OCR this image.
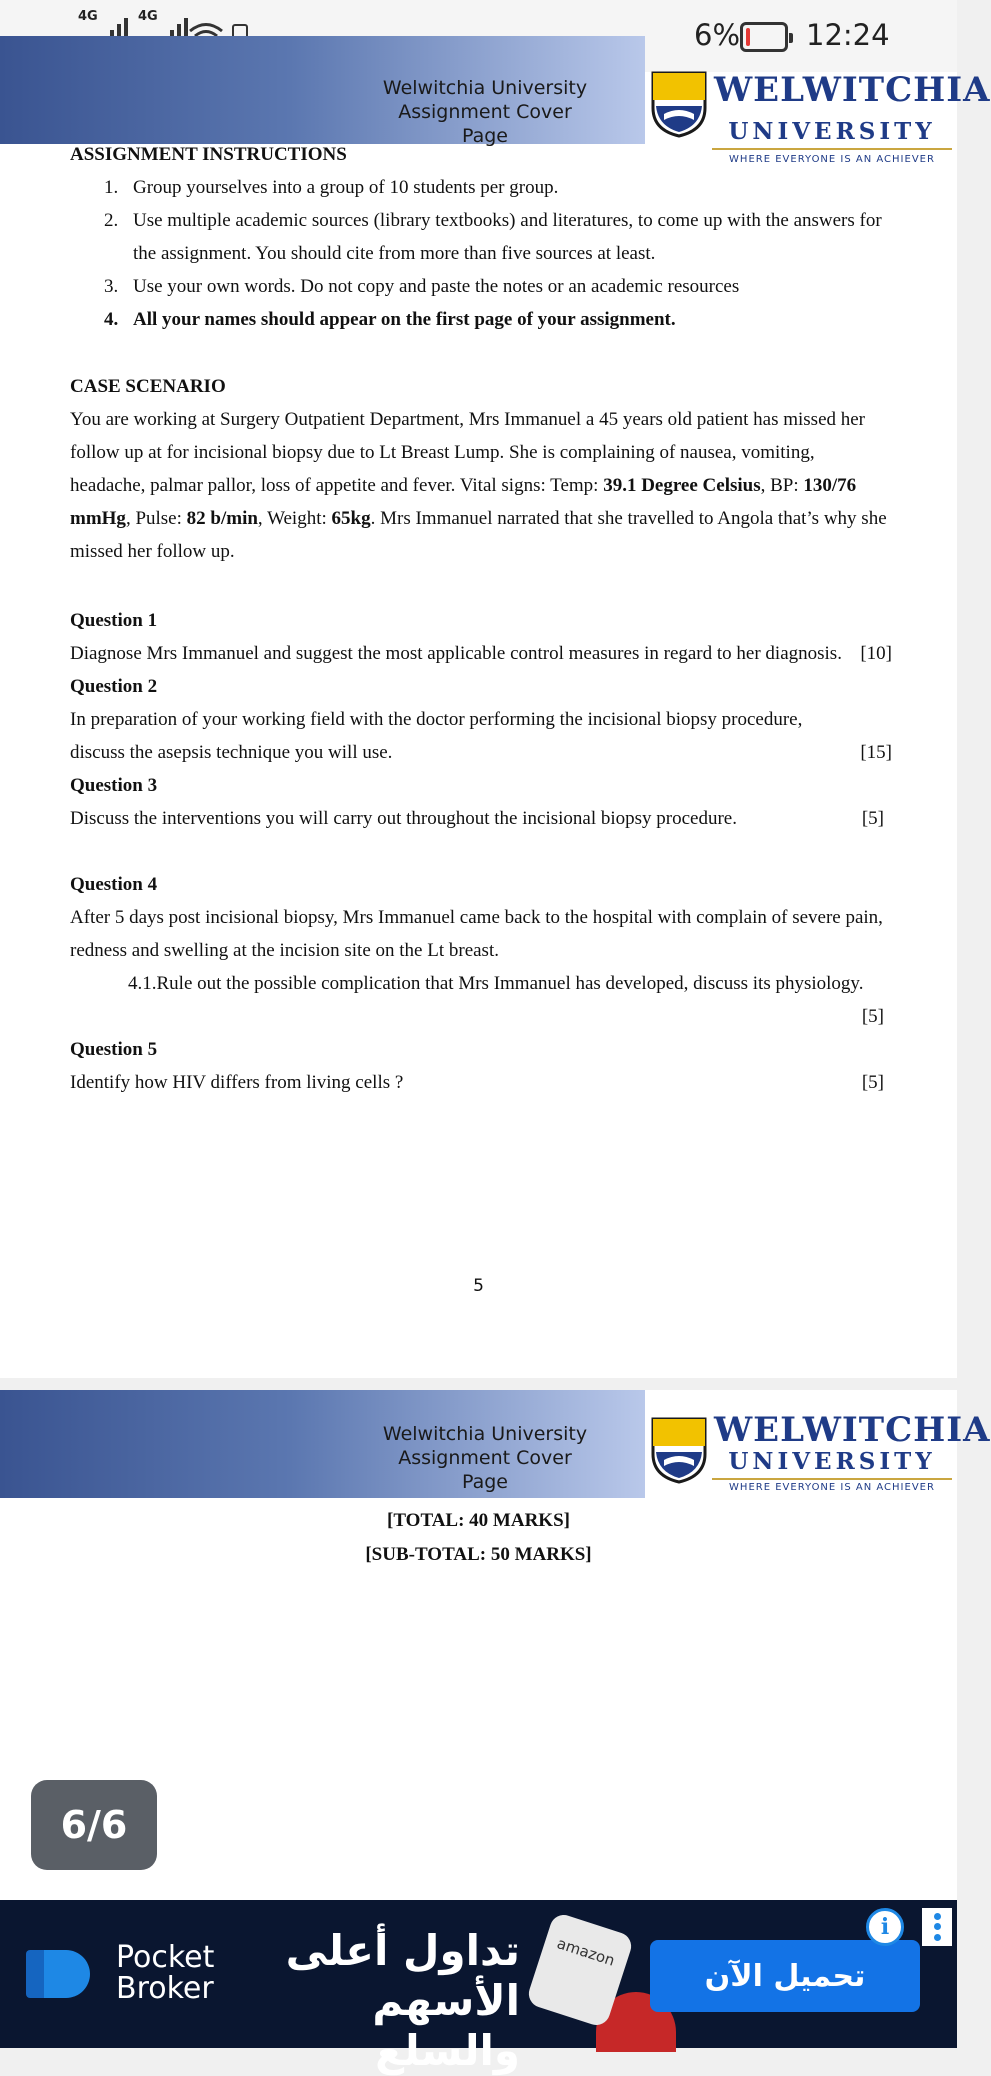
4G	4G
6% 12:24
Welwitchia University
Assignment Cover Page
WELWITCHIA
UNIVERSITY
WHERE EVERYONE IS AN ACHIEVER
ASSIGNMENT INSTRUCTIONS
1. Group yourselves into a group of 10 students per group.
2. Use multiple academic sources (library textbooks) and literatures, to come up with the answers for the assignment. You should cite from more than five sources at least.
3. Use your own words. Do not copy and paste the notes or an academic resources
4. All your names should appear on the first page of your assignment.
CASE SCENARIO
You are working at Surgery Outpatient Department, Mrs Immanuel a 45 years old patient has missed her follow up at for incisional biopsy due to Lt Breast Lump. She is complaining of nausea, vomiting, headache, palmar pallor, loss of appetite and fever. Vital signs: Temp: 39.1 Degree Celsius, BP: 130/76 mmHg, Pulse: 82 b/min, Weight: 65kg. Mrs Immanuel narrated that she travelled to Angola that’s why she missed her follow up.
Question 1
Diagnose Mrs Immanuel and suggest the most applicable control measures in regard to her diagnosis. [10]
Question 2
In preparation of your working field with the doctor performing the incisional biopsy procedure, discuss the asepsis technique you will use.	[15]
Question 3
Discuss the interventions you will carry out throughout the incisional biopsy procedure.	[5]
Question 4
After 5 days post incisional biopsy, Mrs Immanuel came back to the hospital with complain of severe pain, redness and swelling at the incision site on the Lt breast.
4.1.Rule out the possible complication that Mrs Immanuel has developed, discuss its physiology.
[5]
Question 5
Identify how HIV differs from living cells ?	[5]
5
Welwitchia University
Assignment Cover Page
WELWITCHIA
UNIVERSITY
WHERE EVERYONE IS AN ACHIEVER
[TOTAL: 40 MARKS]
[SUB-TOTAL: 50 MARKS]
6/6
Pocket
Broker
تداول أعلى
الأسهم والسلع
amazon
تحميل الآن
i
